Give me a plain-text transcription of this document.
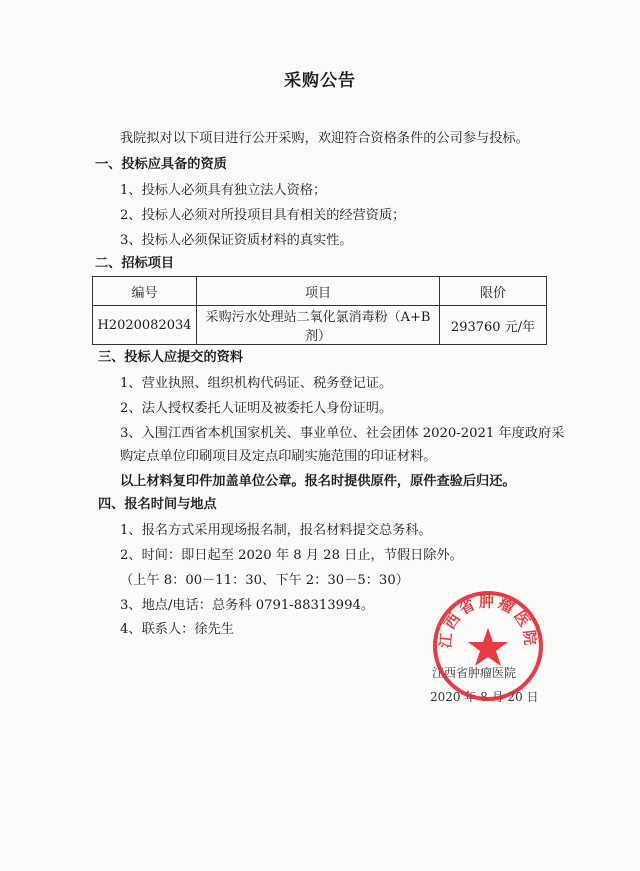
采购公告
我院拟对以下项目进行公开采购，欢迎符合资格条件的公司参与投标。
一、投标应具备的资质
1、投标人必须具有独立法人资格；
2、投标人必须对所投项目具有相关的经营资质；
3、投标人必须保证资质材料的真实性。
二、招标项目
编号	项目	限价
H2020082034	采购污水处理站二氧化氯消毒粉（A+B 剂）	293760 元/年
三、投标人应提交的资料
1、营业执照、组织机构代码证、税务登记证。
2、法人授权委托人证明及被委托人身份证明。
3、入围江西省本机国家机关、事业单位、社会团体 2020-2021 年度政府采
购定点单位印刷项目及定点印刷实施范围的印证材料。
以上材料复印件加盖单位公章。报名时提供原件，原件查验后归还。
四、报名时间与地点
1、报名方式采用现场报名制，报名材料提交总务科。
2、时间：即日起至 2020 年 8 月 28 日止，节假日除外。
（上午 8：00－11：30、下午 2：30－5：30）
3、地点/电话：总务科 0791-88313994。
4、联系人：徐先生
江西省肿瘤医院
2020 年 8 月 20 日
江西省肿瘤医院
